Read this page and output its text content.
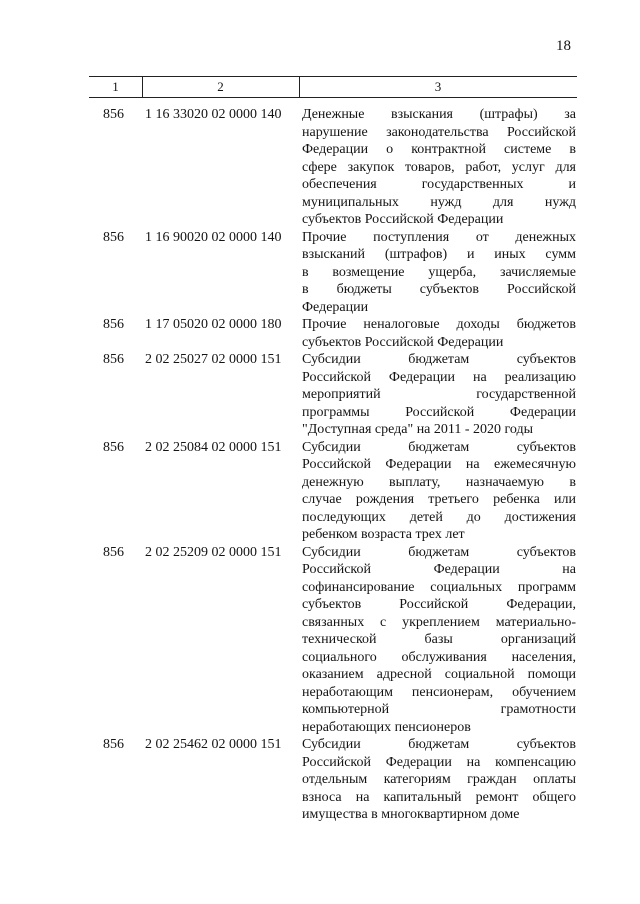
18
1	2	3
856 1 16 33020 02 0000 140 Денежные взыскания (штрафы) за
нарушение законодательства Российской
Федерации о контрактной системе в
сфере закупок товаров, работ, услуг для
обеспечения государственных и
муниципальных нужд для нужд
субъектов Российской Федерации
856 1 16 90020 02 0000 140 Прочие поступления от денежных
взысканий (штрафов) и иных сумм
в возмещение ущерба, зачисляемые
в бюджеты субъектов Российской
Федерации
856 1 17 05020 02 0000 180 Прочие неналоговые доходы бюджетов
субъектов Российской Федерации
856 2 02 25027 02 0000 151 Субсидии бюджетам субъектов
Российской Федерации на реализацию
мероприятий государственной
программы Российской Федерации
"Доступная среда" на 2011 - 2020 годы
856 2 02 25084 02 0000 151 Субсидии бюджетам субъектов
Российской Федерации на ежемесячную
денежную выплату, назначаемую в
случае рождения третьего ребенка или
последующих детей до достижения
ребенком возраста трех лет
856 2 02 25209 02 0000 151 Субсидии бюджетам субъектов
Российской Федерации на
софинансирование социальных программ
субъектов Российской Федерации,
связанных с укреплением материально-
технической базы организаций
социального обслуживания населения,
оказанием адресной социальной помощи
неработающим пенсионерам, обучением
компьютерной грамотности
неработающих пенсионеров
856 2 02 25462 02 0000 151 Субсидии бюджетам субъектов
Российской Федерации на компенсацию
отдельным категориям граждан оплаты
взноса на капитальный ремонт общего
имущества в многоквартирном доме
